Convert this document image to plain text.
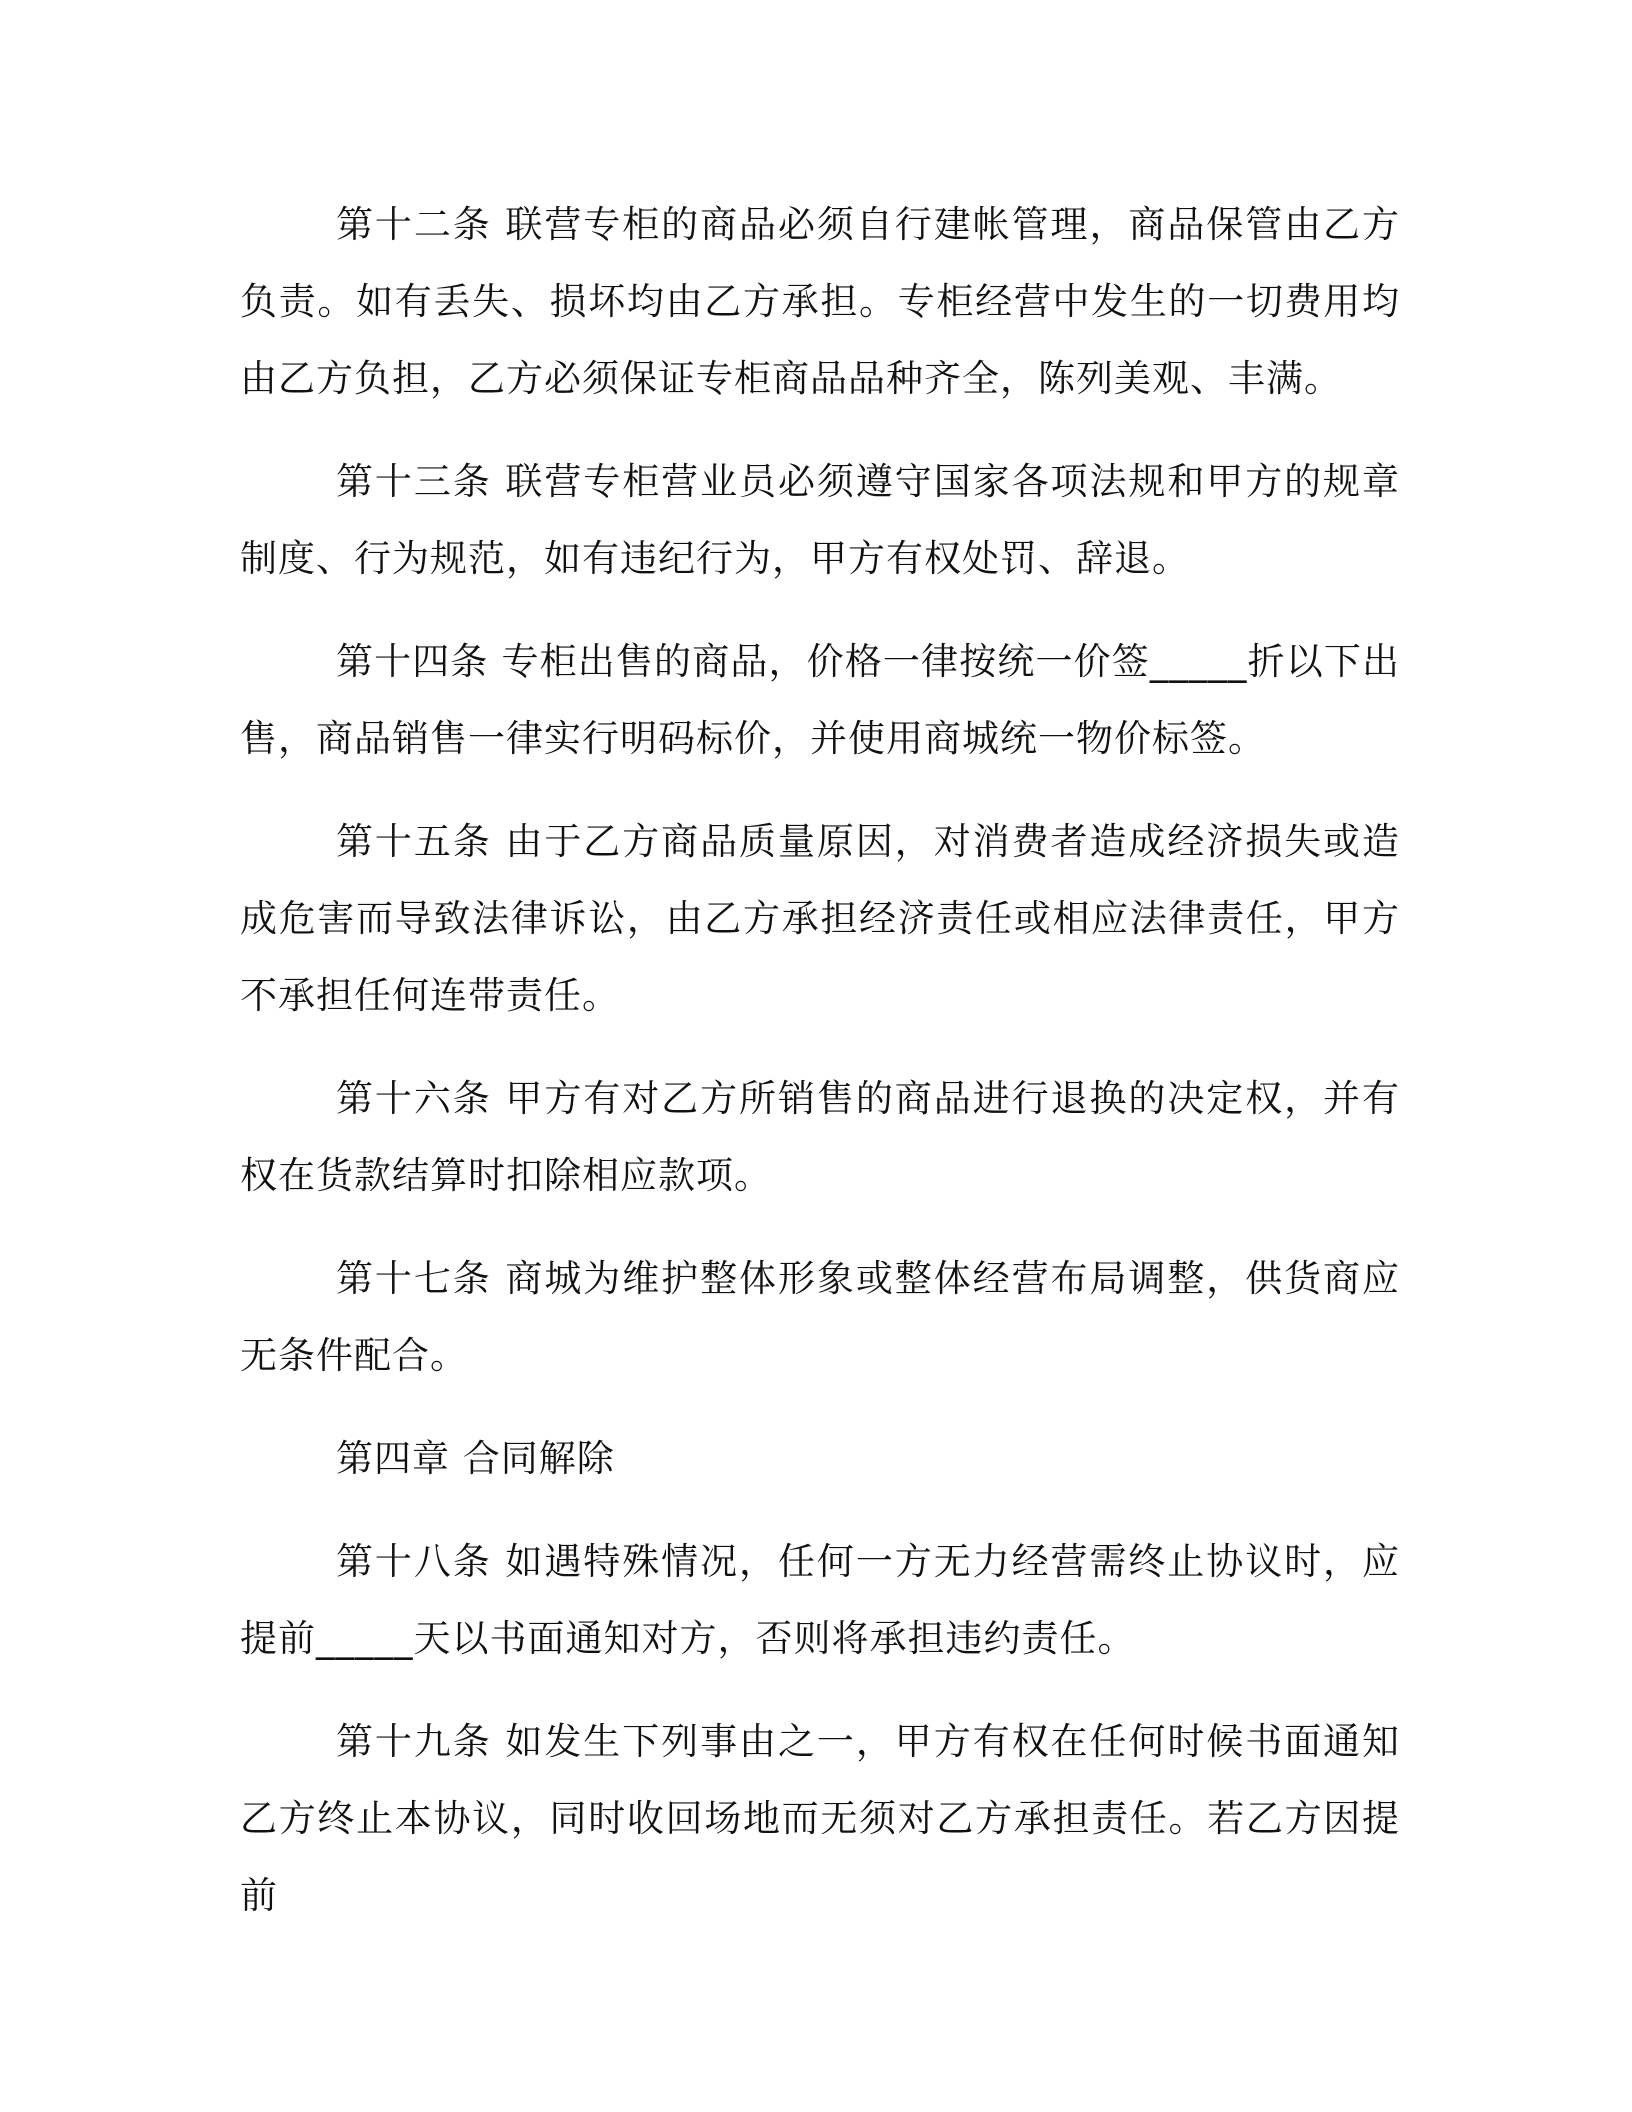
第十二条 联营专柜的商品必须自行建帐管理，商品保管由乙方负责。如有丢失、损坏均由乙方承担。专柜经营中发生的一切费用均由乙方负担，乙方必须保证专柜商品品种齐全，陈列美观、丰满。

第十三条 联营专柜营业员必须遵守国家各项法规和甲方的规章制度、行为规范，如有违纪行为，甲方有权处罚、辞退。

第十四条 专柜出售的商品，价格一律按统一价签_____折以下出售，商品销售一律实行明码标价，并使用商城统一物价标签。

第十五条 由于乙方商品质量原因，对消费者造成经济损失或造成危害而导致法律诉讼，由乙方承担经济责任或相应法律责任，甲方不承担任何连带责任。

第十六条 甲方有对乙方所销售的商品进行退换的决定权，并有权在货款结算时扣除相应款项。

第十七条 商城为维护整体形象或整体经营布局调整，供货商应无条件配合。

第四章 合同解除

第十八条 如遇特殊情况，任何一方无力经营需终止协议时，应提前_____天以书面通知对方，否则将承担违约责任。

第十九条 如发生下列事由之一，甲方有权在任何时候书面通知乙方终止本协议，同时收回场地而无须对乙方承担责任。若乙方因提前
